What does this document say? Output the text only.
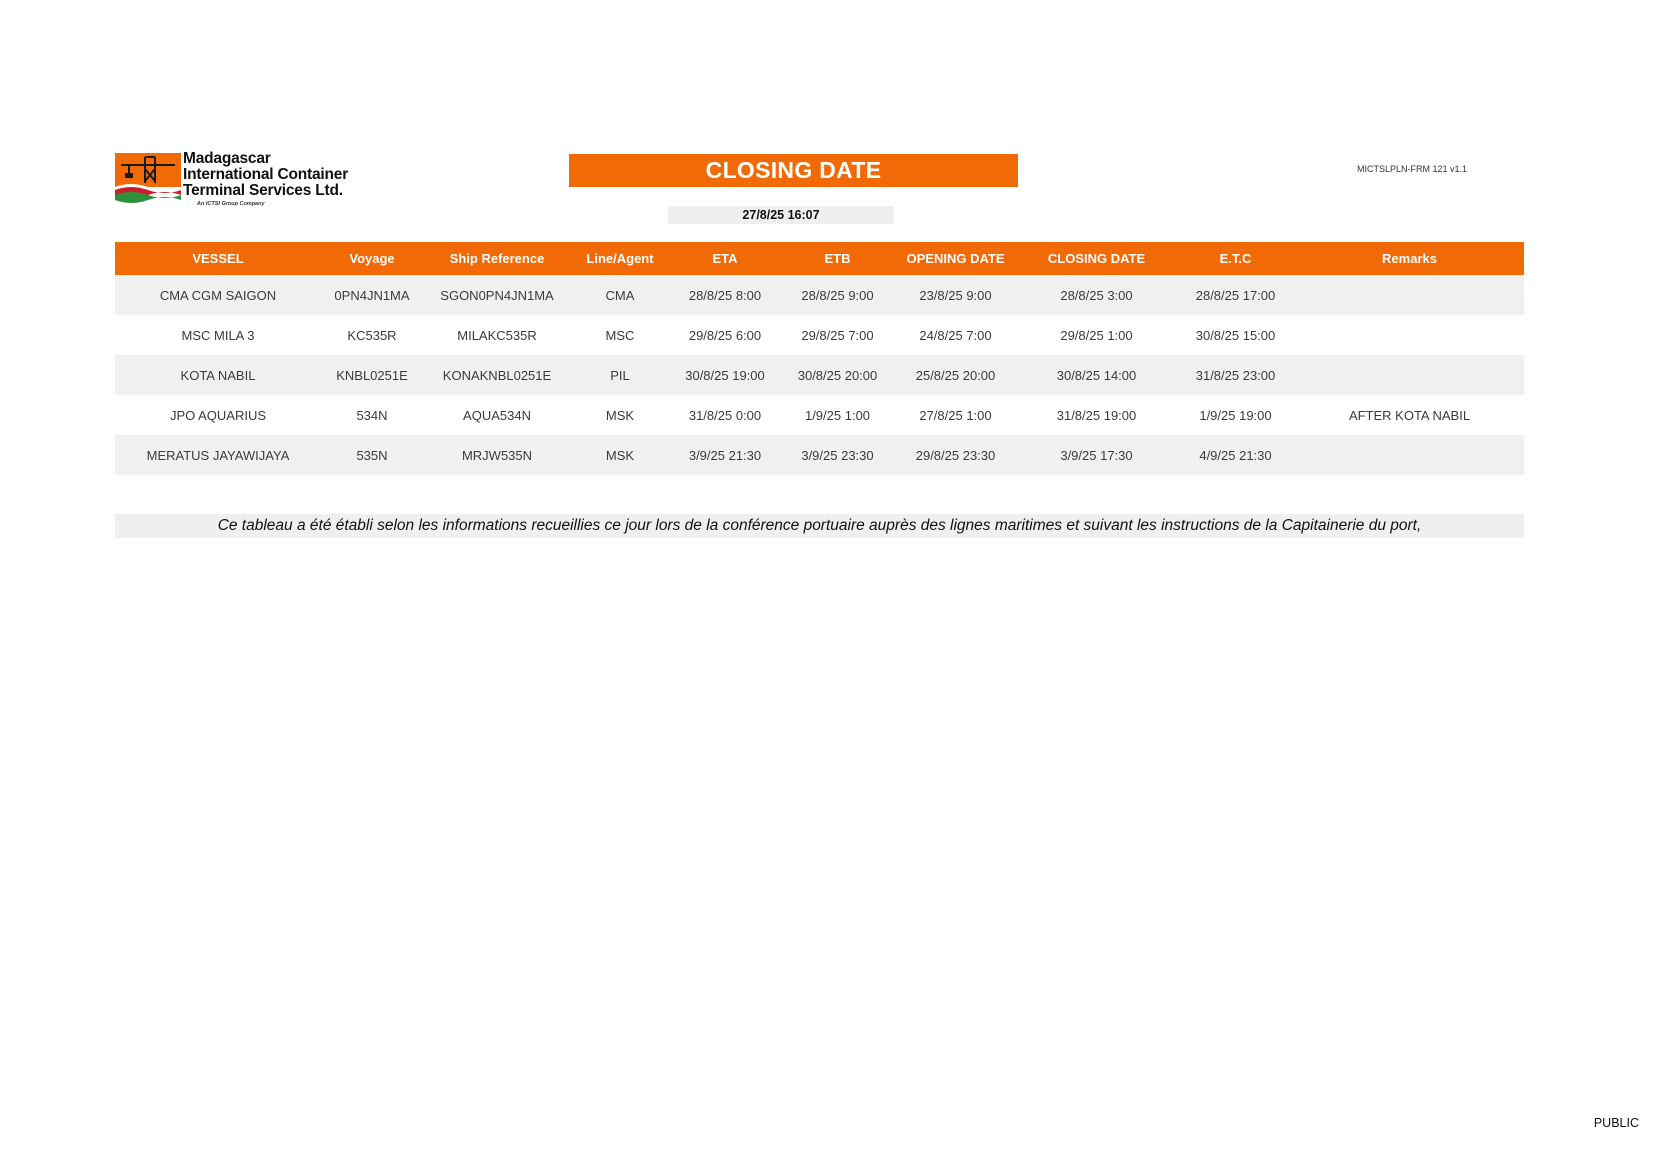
Madagascar
International Container
Terminal Services Ltd.
An ICTSI Group Company
CLOSING DATE
27/8/25 16:07
MICTSLPLN-FRM 121 v1.1
VESSEL	Voyage	Ship Reference	Line/Agent	ETA	ETB	OPENING DATE	CLOSING DATE	E.T.C	Remarks
CMA CGM SAIGON	0PN4JN1MA	SGON0PN4JN1MA	CMA	28/8/25 8:00	28/8/25 9:00	23/8/25 9:00	28/8/25 3:00	28/8/25 17:00	
MSC MILA 3	KC535R	MILAKC535R	MSC	29/8/25 6:00	29/8/25 7:00	24/8/25 7:00	29/8/25 1:00	30/8/25 15:00	
KOTA NABIL	KNBL0251E	KONAKNBL0251E	PIL	30/8/25 19:00	30/8/25 20:00	25/8/25 20:00	30/8/25 14:00	31/8/25 23:00	
JPO AQUARIUS	534N	AQUA534N	MSK	31/8/25 0:00	1/9/25 1:00	27/8/25 1:00	31/8/25 19:00	1/9/25 19:00	AFTER KOTA NABIL
MERATUS JAYAWIJAYA	535N	MRJW535N	MSK	3/9/25 21:30	3/9/25 23:30	29/8/25 23:30	3/9/25 17:30	4/9/25 21:30	
Ce tableau a été établi selon les informations recueillies ce jour lors de la conférence portuaire auprès des lignes maritimes et suivant les instructions de la Capitainerie du port,
PUBLIC
